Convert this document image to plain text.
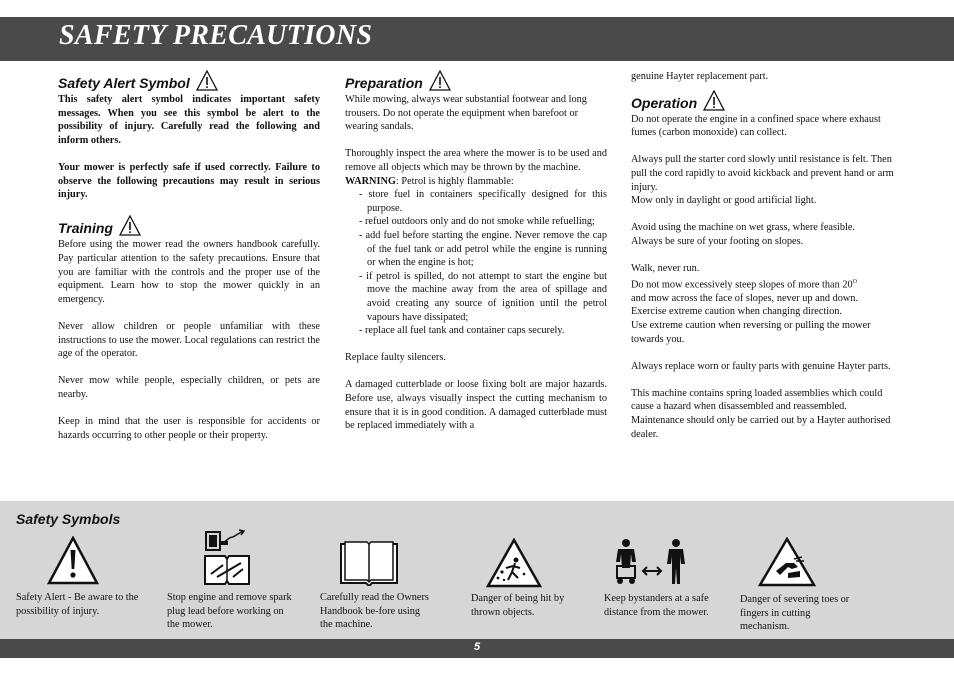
SAFETY PRECAUTIONS
Safety Alert Symbol

This safety alert symbol indicates important safety messages. When you see this symbol be alert to the possibility of injury. Carefully read the following and inform others.

Your mower is perfectly safe if used correctly. Failure to observe the following precautions may result in serious injury.

Training

Before using the mower read the owners handbook carefully. Pay particular attention to the safety precautions. Ensure that you are familiar with the controls and the proper use of the equipment. Learn how to stop the mower quickly in an emergency.

Never allow children or people unfamiliar with these instructions to use the mower. Local regulations can restrict the age of the operator.

Never mow while people, especially children, or pets are nearby.

Keep in mind that the user is responsible for accidents or hazards occurring to other people or their property.

Preparation

While mowing, always wear substantial footwear and long trousers. Do not operate the equipment when barefoot or wearing sandals.

Thoroughly inspect the area where the mower is to be used and remove all objects which may be thrown by the machine.

WARNING: Petrol is highly flammable:
- store fuel in containers specifically designed for this purpose.
- refuel outdoors only and do not smoke while refuelling;
- add fuel before starting the engine. Never remove the cap of the fuel tank or add petrol while the engine is running or when the engine is hot;
- if petrol is spilled, do not attempt to start the engine but move the machine away from the area of spillage and avoid creating any source of ignition until the petrol vapours have dissipated;
- replace all fuel tank and container caps securely.

Replace faulty silencers.

A damaged cutterblade or loose fixing bolt are major hazards. Before use, always visually inspect the cutting mechanism to ensure that it is in good condition. A damaged cutterblade must be replaced immediately with a

genuine Hayter replacement part.

Operation

Do not operate the engine in a confined space where exhaust fumes (carbon monoxide) can collect.

Always pull the starter cord slowly until resistance is felt. Then pull the cord rapidly to avoid kickback and prevent hand or arm injury.
Mow only in daylight or good artificial light.

Avoid using the machine on wet grass, where feasible.
Always be sure of your footing on slopes.

Walk, never run.
Do not mow excessively steep slopes of more than $20^O$
and mow across the face of slopes, never up and down.
Exercise extreme caution when changing direction.
Use extreme caution when reversing or pulling the mower towards you.

Always replace worn or faulty parts with genuine Hayter parts.

This machine contains spring loaded assemblies which could cause a hazard when disassembled and reassembled. Maintenance should only be carried out by a Hayter authorised dealer.

Safety Symbols
Safety Alert - Be aware to the possibility of injury.
Stop engine and remove spark plug lead before working on the mower.
Carefully read the Owners Handbook be-fore using the machine.
Danger of being hit by thrown objects.
Keep bystanders at a safe distance from the mower.
Danger of severing toes or fingers in cutting mechanism.
5
